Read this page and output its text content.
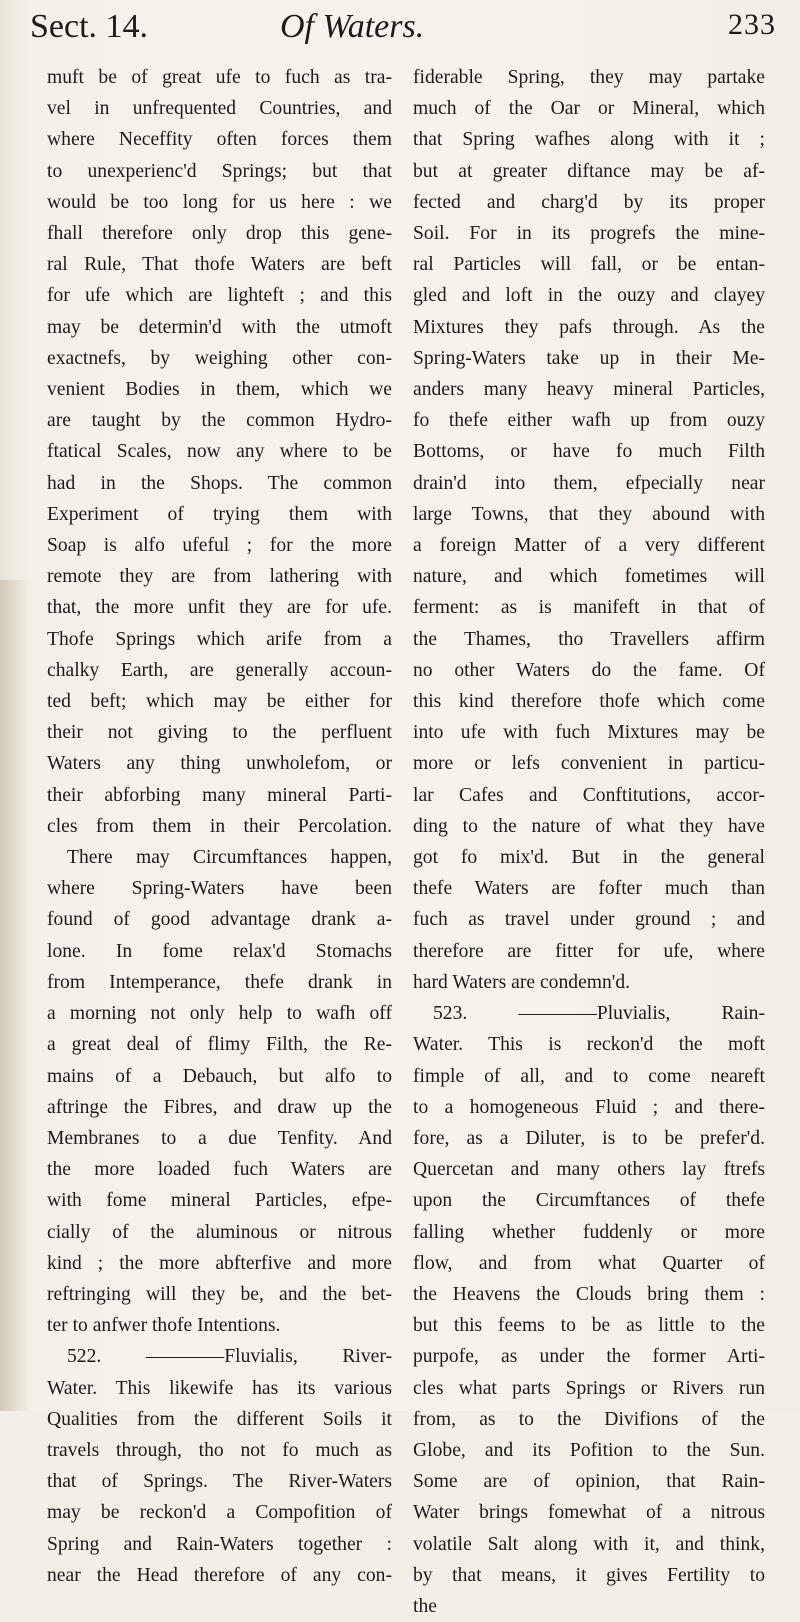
Sect. 14.	Of Waters.	233
muft be of great ufe to fuch as tra-
vel in unfrequented Countries, and
where Neceffity often forces them
to unexperienc'd Springs; but that
would be too long for us here : we
fhall therefore only drop this gene-
ral Rule, That thofe Waters are beft
for ufe which are lighteft ; and this
may be determin'd with the utmoft
exactnefs, by weighing other con-
venient Bodies in them, which we
are taught by the common Hydro-
ftatical Scales, now any where to be
had in the Shops. The common
Experiment of trying them with
Soap is alfo ufeful ; for the more
remote they are from lathering with
that, the more unfit they are for ufe.
Thofe Springs which arife from a
chalky Earth, are generally accoun-
ted beft; which may be either for
their not giving to the perfluent
Waters any thing unwholefom, or
their abforbing many mineral Parti-
cles from them in their Percolation.
There may Circumftances happen,
where Spring-Waters have been
found of good advantage drank a-
lone. In fome relax'd Stomachs
from Intemperance, thefe drank in
a morning not only help to wafh off
a great deal of flimy Filth, the Re-
mains of a Debauch, but alfo to
aftringe the Fibres, and draw up the
Membranes to a due Tenfity. And
the more loaded fuch Waters are
with fome mineral Particles, efpe-
cially of the aluminous or nitrous
kind ; the more abfterfive and more
reftringing will they be, and the bet-
ter to anfwer thofe Intentions.
522. ————Fluvialis, River-
Water. This likewife has its various
Qualities from the different Soils it
travels through, tho not fo much as
that of Springs. The River-Waters
may be reckon'd a Compofition of
Spring and Rain-Waters together :
near the Head therefore of any con-
fiderable Spring, they may partake
much of the Oar or Mineral, which
that Spring wafhes along with it ;
but at greater diftance may be af-
fected and charg'd by its proper
Soil. For in its progrefs the mine-
ral Particles will fall, or be entan-
gled and loft in the ouzy and clayey
Mixtures they pafs through. As the
Spring-Waters take up in their Me-
anders many heavy mineral Particles,
fo thefe either wafh up from ouzy
Bottoms, or have fo much Filth
drain'd into them, efpecially near
large Towns, that they abound with
a foreign Matter of a very different
nature, and which fometimes will
ferment: as is manifeft in that of
the Thames, tho Travellers affirm
no other Waters do the fame. Of
this kind therefore thofe which come
into ufe with fuch Mixtures may be
more or lefs convenient in particu-
lar Cafes and Conftitutions, accor-
ding to the nature of what they have
got fo mix'd. But in the general
thefe Waters are fofter much than
fuch as travel under ground ; and
therefore are fitter for ufe, where
hard Waters are condemn'd.
523. ————Pluvialis, Rain-
Water. This is reckon'd the moft
fimple of all, and to come neareft
to a homogeneous Fluid ; and there-
fore, as a Diluter, is to be prefer'd.
Quercetan and many others lay ftrefs
upon the Circumftances of thefe
falling whether fuddenly or more
flow, and from what Quarter of
the Heavens the Clouds bring them :
but this feems to be as little to the
purpofe, as under the former Arti-
cles what parts Springs or Rivers run
from, as to the Divifions of the
Globe, and its Pofition to the Sun.
Some are of opinion, that Rain-
Water brings fomewhat of a nitrous
volatile Salt along with it, and think,
by that means, it gives Fertility to
the
